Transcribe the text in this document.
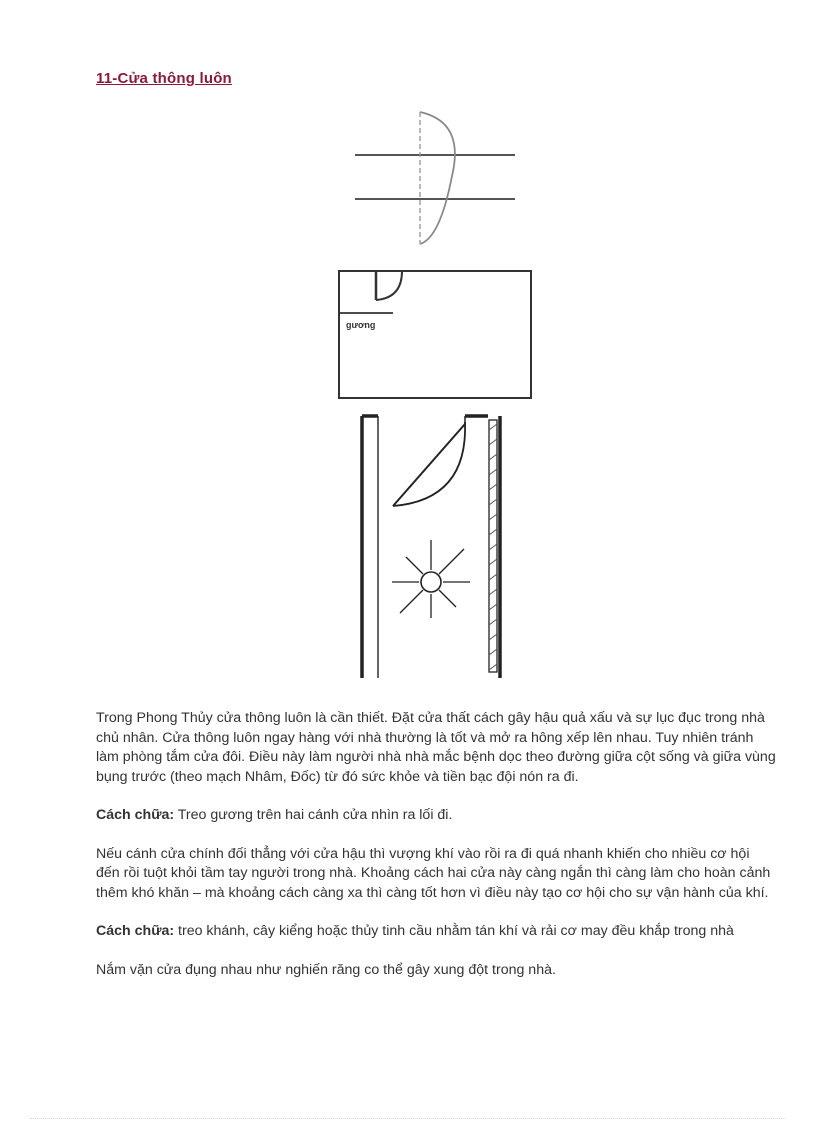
11-Cửa thông luôn
gương

Trong Phong Thủy cửa thông luôn là cần thiết. Đặt cửa thất cách gây hậu quả xấu và sự lục đục trong nhà chủ nhân. Cửa thông luôn ngay hàng với nhà thường là tốt và mở ra hông xếp lên nhau. Tuy nhiên tránh làm phòng tắm cửa đôi. Điều này làm người nhà nhà mắc bệnh dọc theo đường giữa cột sống và giữa vùng bụng trước (theo mạch Nhâm, Đốc) từ đó sức khỏe và tiền bạc đội nón ra đi.

Cách chữa: Treo gương trên hai cánh cửa nhìn ra lối đi.

Nếu cánh cửa chính đối thẳng với cửa hậu thì vượng khí vào rồi ra đi quá nhanh khiến cho nhiều cơ hội đến rồi tuột khỏi tầm tay người trong nhà. Khoảng cách hai cửa này càng ngắn thì càng làm cho hoàn cảnh thêm khó khăn – mà khoảng cách càng xa thì càng tốt hơn vì điều này tạo cơ hội cho sự vận hành của khí.

Cách chữa: treo khánh, cây kiểng hoặc thủy tinh cầu nhằm tán khí và rải cơ may đều khắp trong nhà

Nắm vặn cửa đụng nhau như nghiến răng co thể gây xung đột trong nhà.
